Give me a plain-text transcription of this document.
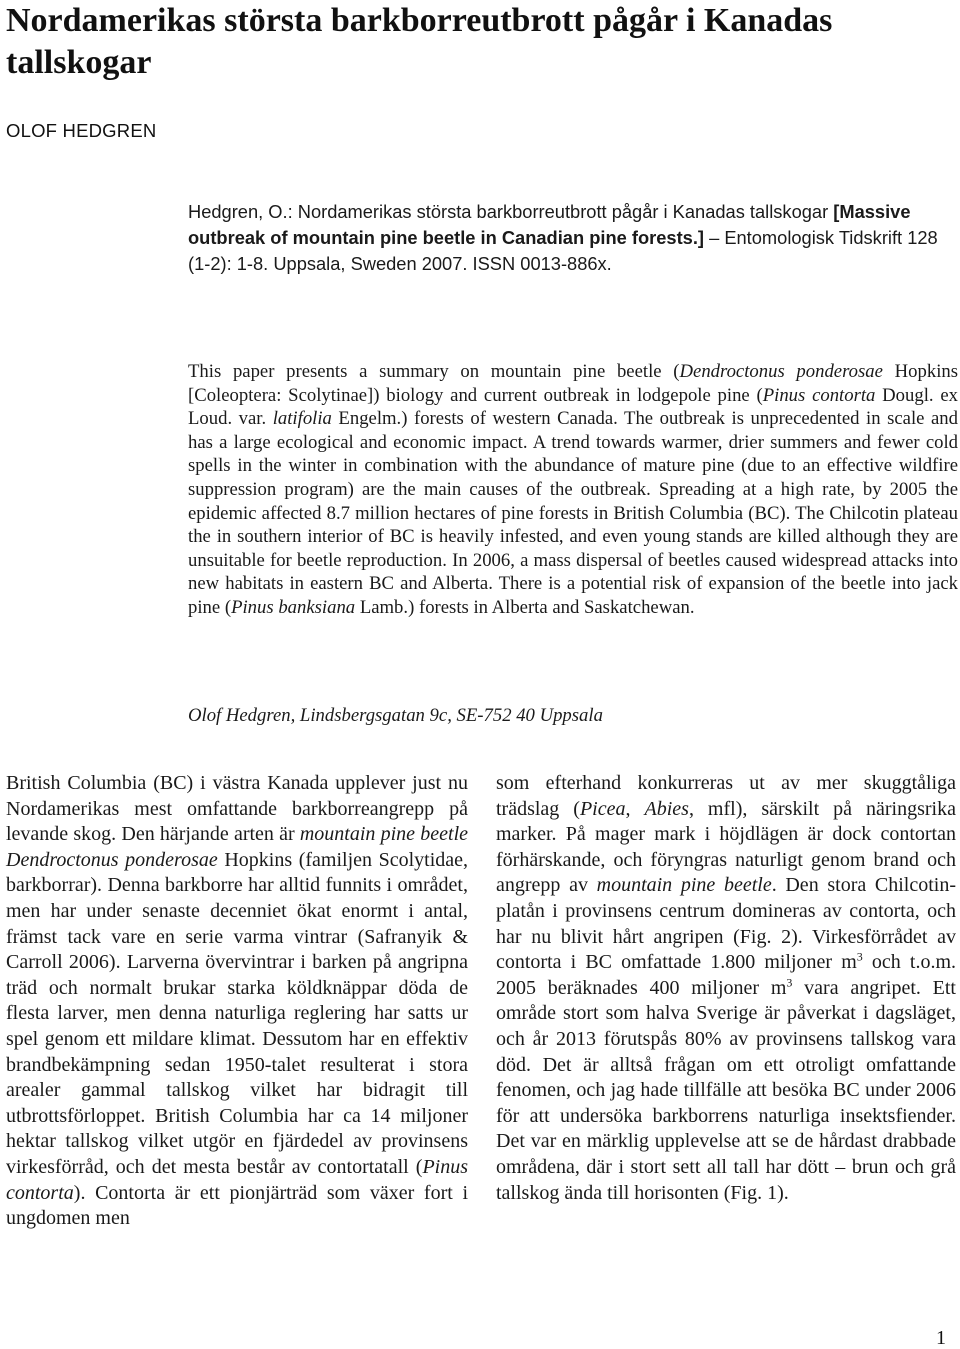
Nordamerikas största barkborreutbrott pågår i Kanadas tallskogar

OLOF HEDGREN

Hedgren, O.: Nordamerikas största barkborreutbrott pågår i Kanadas tallskogar [Massive outbreak of mountain pine beetle in Canadian pine forests.] – Entomologisk Tidskrift 128 (1-2): 1-8. Uppsala, Sweden 2007. ISSN 0013-886x.

This paper presents a summary on mountain pine beetle (Dendroctonus ponderosae Hopkins [Coleoptera: Scolytinae]) biology and current outbreak in lodgepole pine (Pinus contorta Dougl. ex Loud. var. latifolia Engelm.) forests of western Canada. The outbreak is unprecedented in scale and has a large ecological and economic impact. A trend towards warmer, drier summers and fewer cold spells in the winter in combination with the abundance of mature pine (due to an effective wildfire suppression program) are the main causes of the outbreak. Spreading at a high rate, by 2005 the epidemic affected 8.7 million hectares of pine forests in British Columbia (BC). The Chilcotin plateau the in southern interior of BC is heavily infested, and even young stands are killed although they are unsuitable for beetle reproduction. In 2006, a mass dispersal of beetles caused widespread attacks into new habitats in eastern BC and Alberta. There is a potential risk of expansion of the beetle into jack pine (Pinus banksiana Lamb.) forests in Alberta and Saskatchewan.

Olof Hedgren, Lindsbergsgatan 9c, SE-752 40 Uppsala

British Columbia (BC) i västra Kanada upplever just nu Nordamerikas mest omfattande barkborreangrepp på levande skog. Den härjande arten är mountain pine beetle Dendroctonus ponderosae Hopkins (familjen Scolytidae, barkborrar). Denna barkborre har alltid funnits i området, men har under senaste decenniet ökat enormt i antal, främst tack vare en serie varma vintrar (Safranyik & Carroll 2006). Larverna övervintrar i barken på angripna träd och normalt brukar starka köldknäppar döda de flesta larver, men denna naturliga reglering har satts ur spel genom ett mildare klimat. Dessutom har en effektiv brandbekämpning sedan 1950-talet resulterat i stora arealer gammal tallskog vilket har bidragit till utbrottsförloppet. British Columbia har ca 14 miljoner hektar tallskog vilket utgör en fjärdedel av provinsens virkesförråd, och det mesta består av contortatall (Pinus contorta). Contorta är ett pionjärträd som växer fort i ungdomen men

som efterhand konkurreras ut av mer skuggtåliga trädslag (Picea, Abies, mfl), särskilt på näringsrika marker. På mager mark i höjdlägen är dock contortan förhärskande, och föryngras naturligt genom brand och angrepp av mountain pine beetle. Den stora Chilcotin-platån i provinsens centrum domineras av contorta, och har nu blivit hårt angripen (Fig. 2). Virkesförrådet av contorta i BC omfattade 1.800 miljoner $m^3$ och t.o.m. 2005 beräknades 400 miljoner $m^3$ vara angripet. Ett område stort som halva Sverige är påverkat i dagsläget, och år 2013 förutspås 80% av provinsens tallskog vara död. Det är alltså frågan om ett otroligt omfattande fenomen, och jag hade tillfälle att besöka BC under 2006 för att undersöka barkborrens naturliga insektsfiender. Det var en märklig upplevelse att se de hårdast drabbade områdena, där i stort sett all tall har dött – brun och grå tallskog ända till horisonten (Fig. 1).

1
